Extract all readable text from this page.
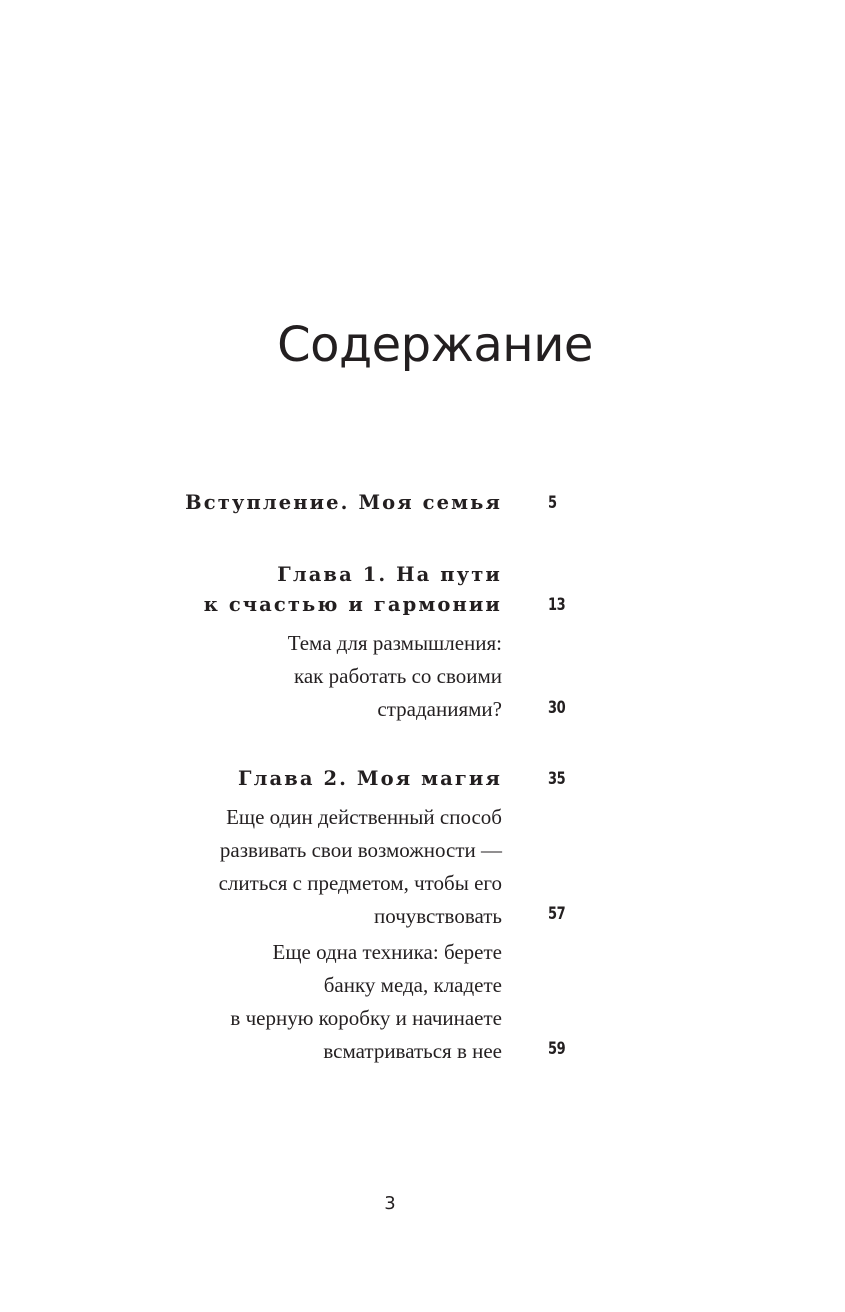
Содержание
Вступление. Моя семья	5
Глава 1. На пути
к счастью и гармонии	13
Тема для размышления:
как работать со своими
страданиями?	30
Глава 2. Моя магия	35
Еще один действенный способ
развивать свои возможности —
слиться с предметом, чтобы его
почувствовать	57
Еще одна техника: берете
банку меда, кладете
в черную коробку и начинаете
всматриваться в нее	59
3
